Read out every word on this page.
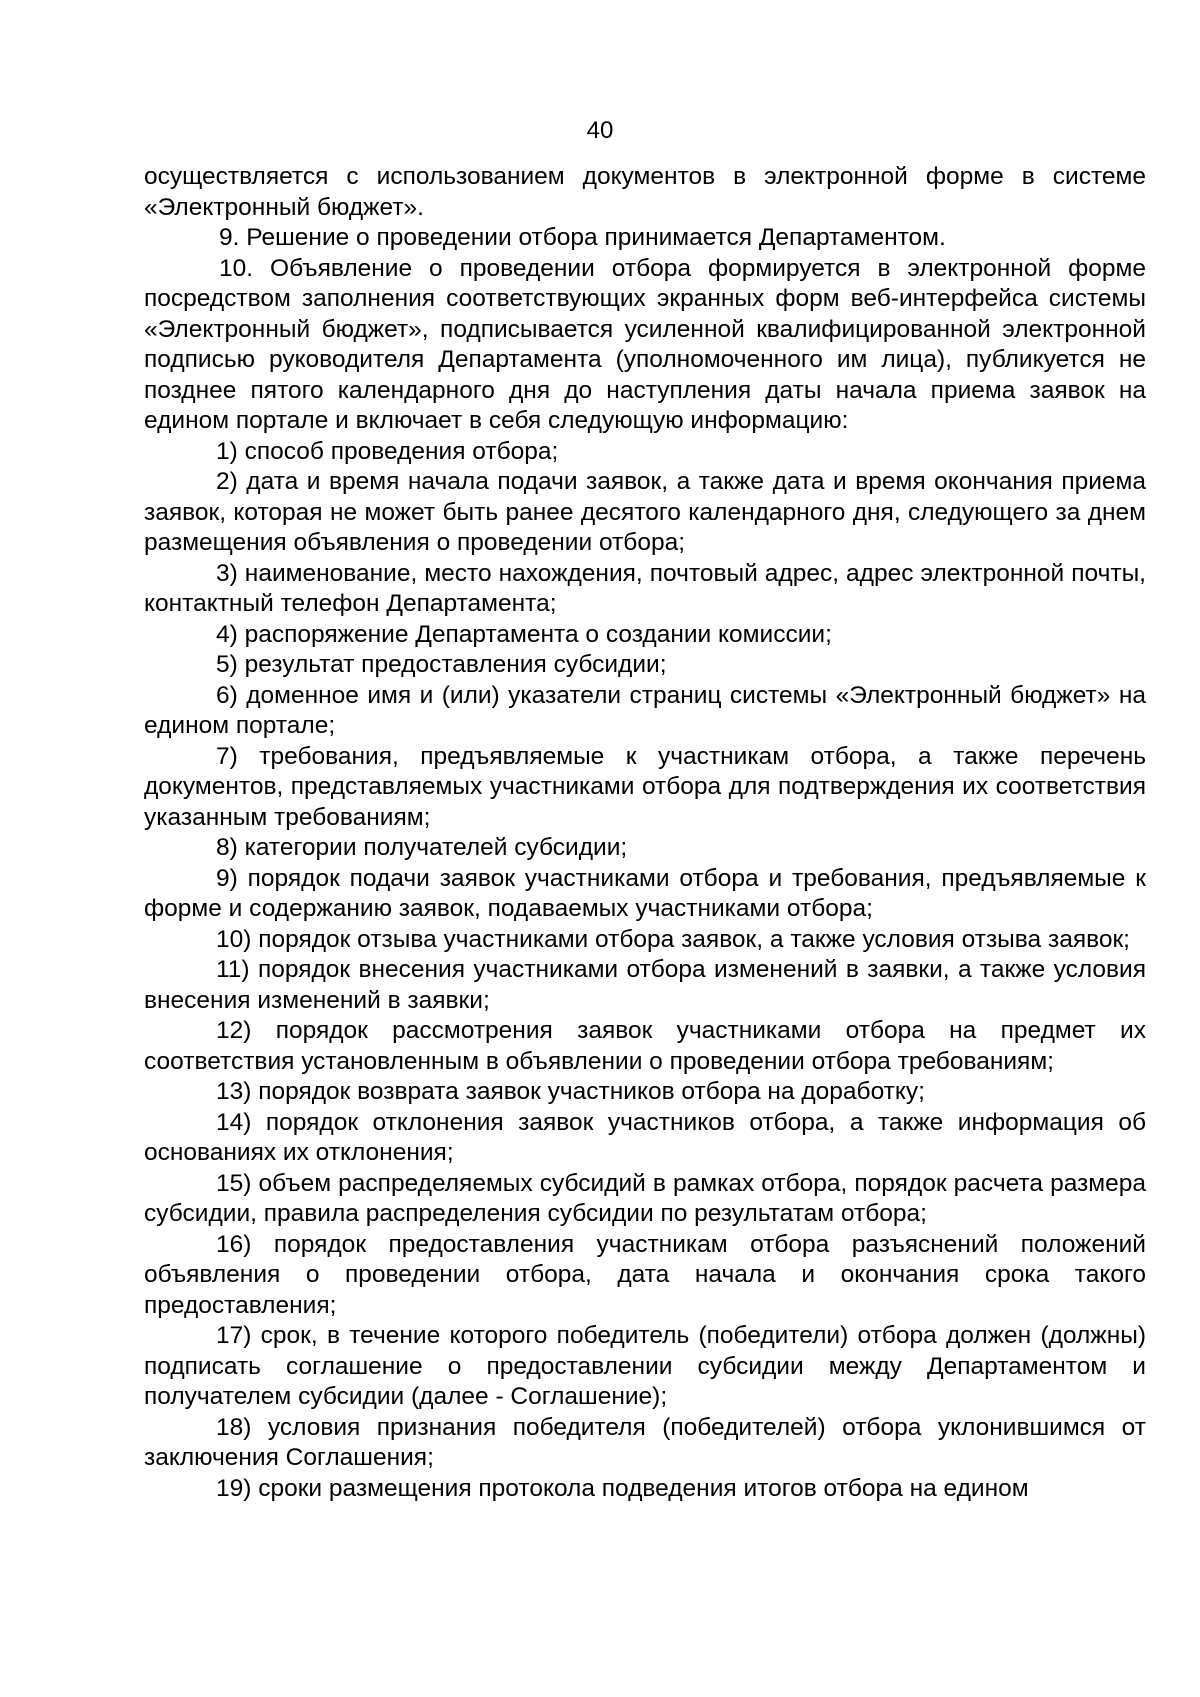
40

осуществляется с использованием документов в электронной форме в системе «Электронный бюджет».

9. Решение о проведении отбора принимается Департаментом.

10. Объявление о проведении отбора формируется в электронной форме посредством заполнения соответствующих экранных форм веб-интерфейса системы «Электронный бюджет», подписывается усиленной квалифицированной электронной подписью руководителя Департамента (уполномоченного им лица), публикуется не позднее пятого календарного дня до наступления даты начала приема заявок на едином портале и включает в себя следующую информацию:

1) способ проведения отбора;

2) дата и время начала подачи заявок, а также дата и время окончания приема заявок, которая не может быть ранее десятого календарного дня, следующего за днем размещения объявления о проведении отбора;

3) наименование, место нахождения, почтовый адрес, адрес электронной почты, контактный телефон Департамента;

4) распоряжение Департамента о создании комиссии;

5) результат предоставления субсидии;

6) доменное имя и (или) указатели страниц системы «Электронный бюджет» на едином портале;

7) требования, предъявляемые к участникам отбора, а также перечень документов, представляемых участниками отбора для подтверждения их соответствия указанным требованиям;

8) категории получателей субсидии;

9) порядок подачи заявок участниками отбора и требования, предъявляемые к форме и содержанию заявок, подаваемых участниками отбора;

10) порядок отзыва участниками отбора заявок, а также условия отзыва заявок;

11) порядок внесения участниками отбора изменений в заявки, а также условия внесения изменений в заявки;

12) порядок рассмотрения заявок участниками отбора на предмет их соответствия установленным в объявлении о проведении отбора требованиям;

13) порядок возврата заявок участников отбора на доработку;

14) порядок отклонения заявок участников отбора, а также информация об основаниях их отклонения;

15) объем распределяемых субсидий в рамках отбора, порядок расчета размера субсидии, правила распределения субсидии по результатам отбора;

16) порядок предоставления участникам отбора разъяснений положений объявления о проведении отбора, дата начала и окончания срока такого предоставления;

17) срок, в течение которого победитель (победители) отбора должен (должны) подписать соглашение о предоставлении субсидии между Департаментом и получателем субсидии (далее - Соглашение);

18) условия признания победителя (победителей) отбора уклонившимся от заключения Соглашения;

19) сроки размещения протокола подведения итогов отбора на едином
